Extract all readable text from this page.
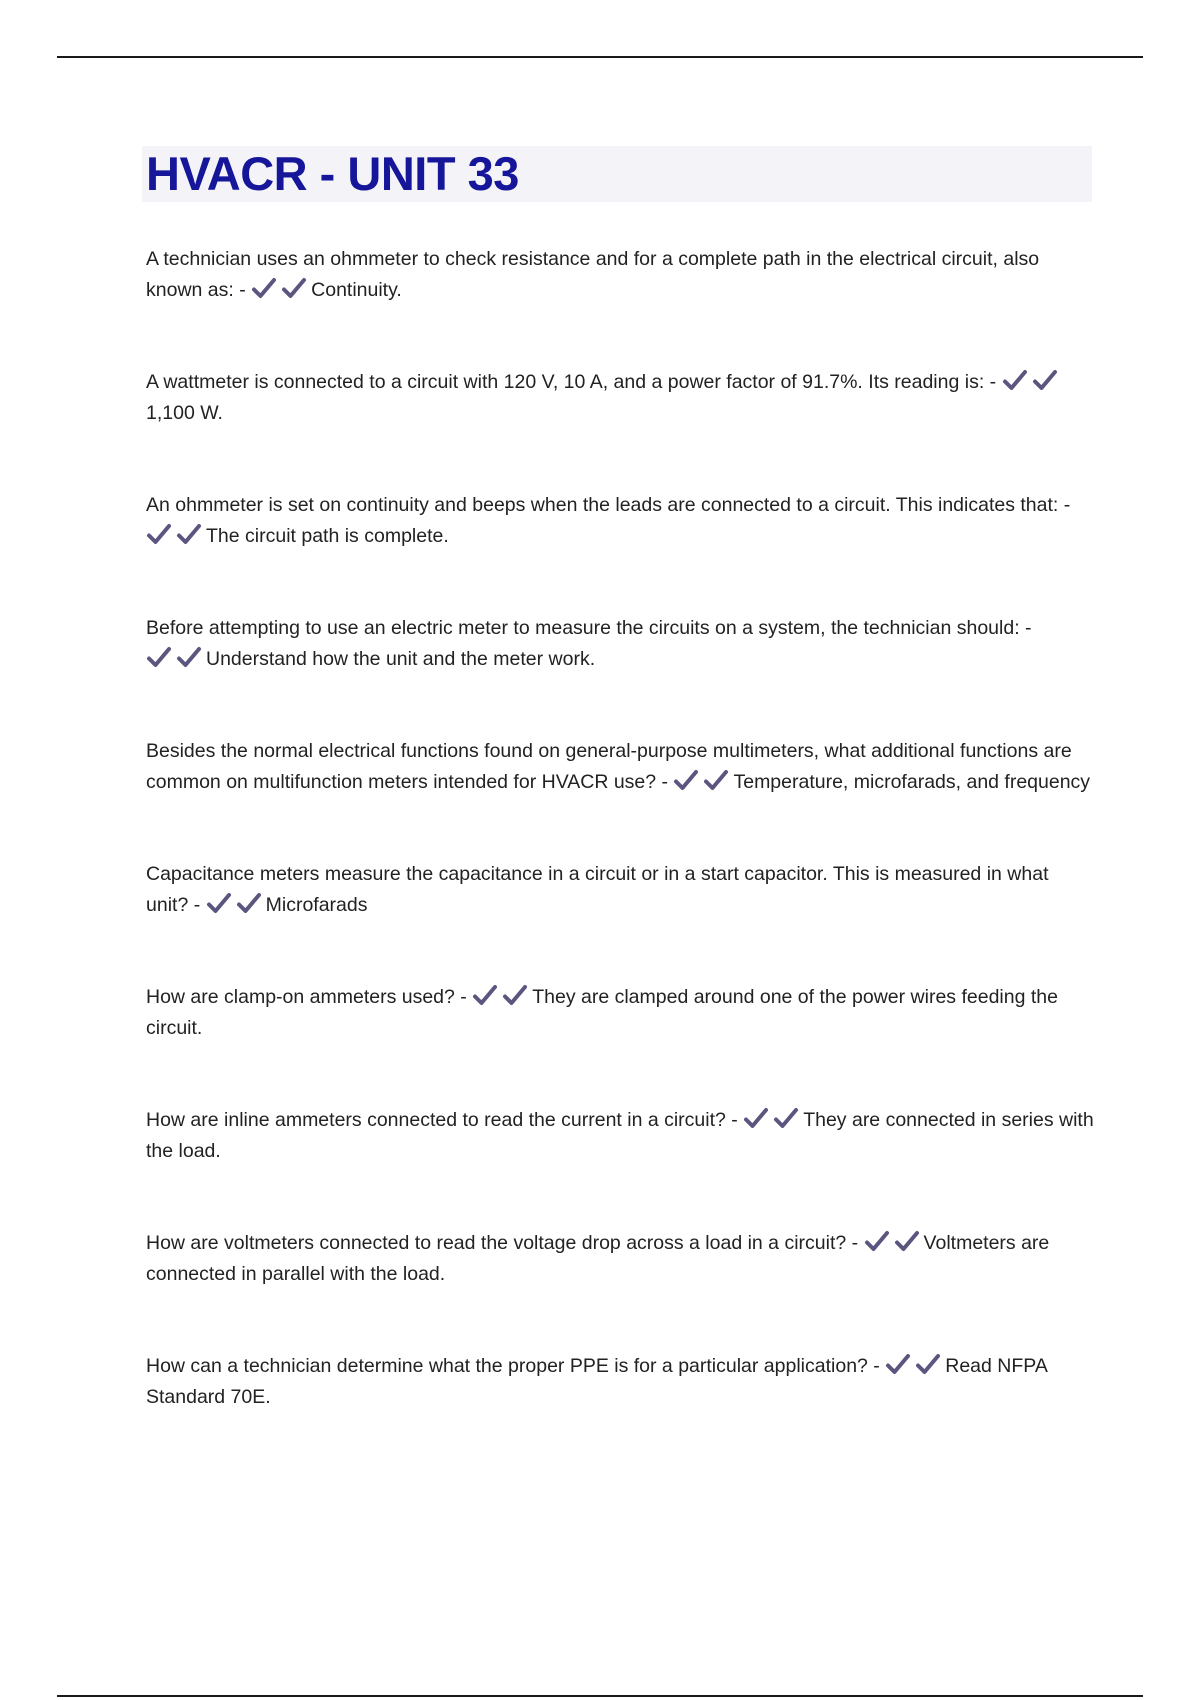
HVACR - UNIT 33

A technician uses an ohmmeter to check resistance and for a complete path in the electrical circuit, also known as: -	Continuity.

A wattmeter is connected to a circuit with 120 V, 10 A, and a power factor of 91.7%. Its reading is: -
1,100 W.

An ohmmeter is set on continuity and beeps when the leads are connected to a circuit. This indicates that: -
The circuit path is complete.

Before attempting to use an electric meter to measure the circuits on a system, the technician should: -
Understand how the unit and the meter work.

Besides the normal electrical functions found on general-purpose multimeters, what additional functions are common on multifunction meters intended for HVACR use? -	Temperature, microfarads, and frequency

Capacitance meters measure the capacitance in a circuit or in a start capacitor. This is measured in what unit? -	Microfarads

How are clamp-on ammeters used? -	They are clamped around one of the power wires feeding the circuit.

How are inline ammeters connected to read the current in a circuit? -	They are connected in series with the load.

How are voltmeters connected to read the voltage drop across a load in a circuit? -	Voltmeters are connected in parallel with the load.

How can a technician determine what the proper PPE is for a particular application? -	Read NFPA Standard 70E.
